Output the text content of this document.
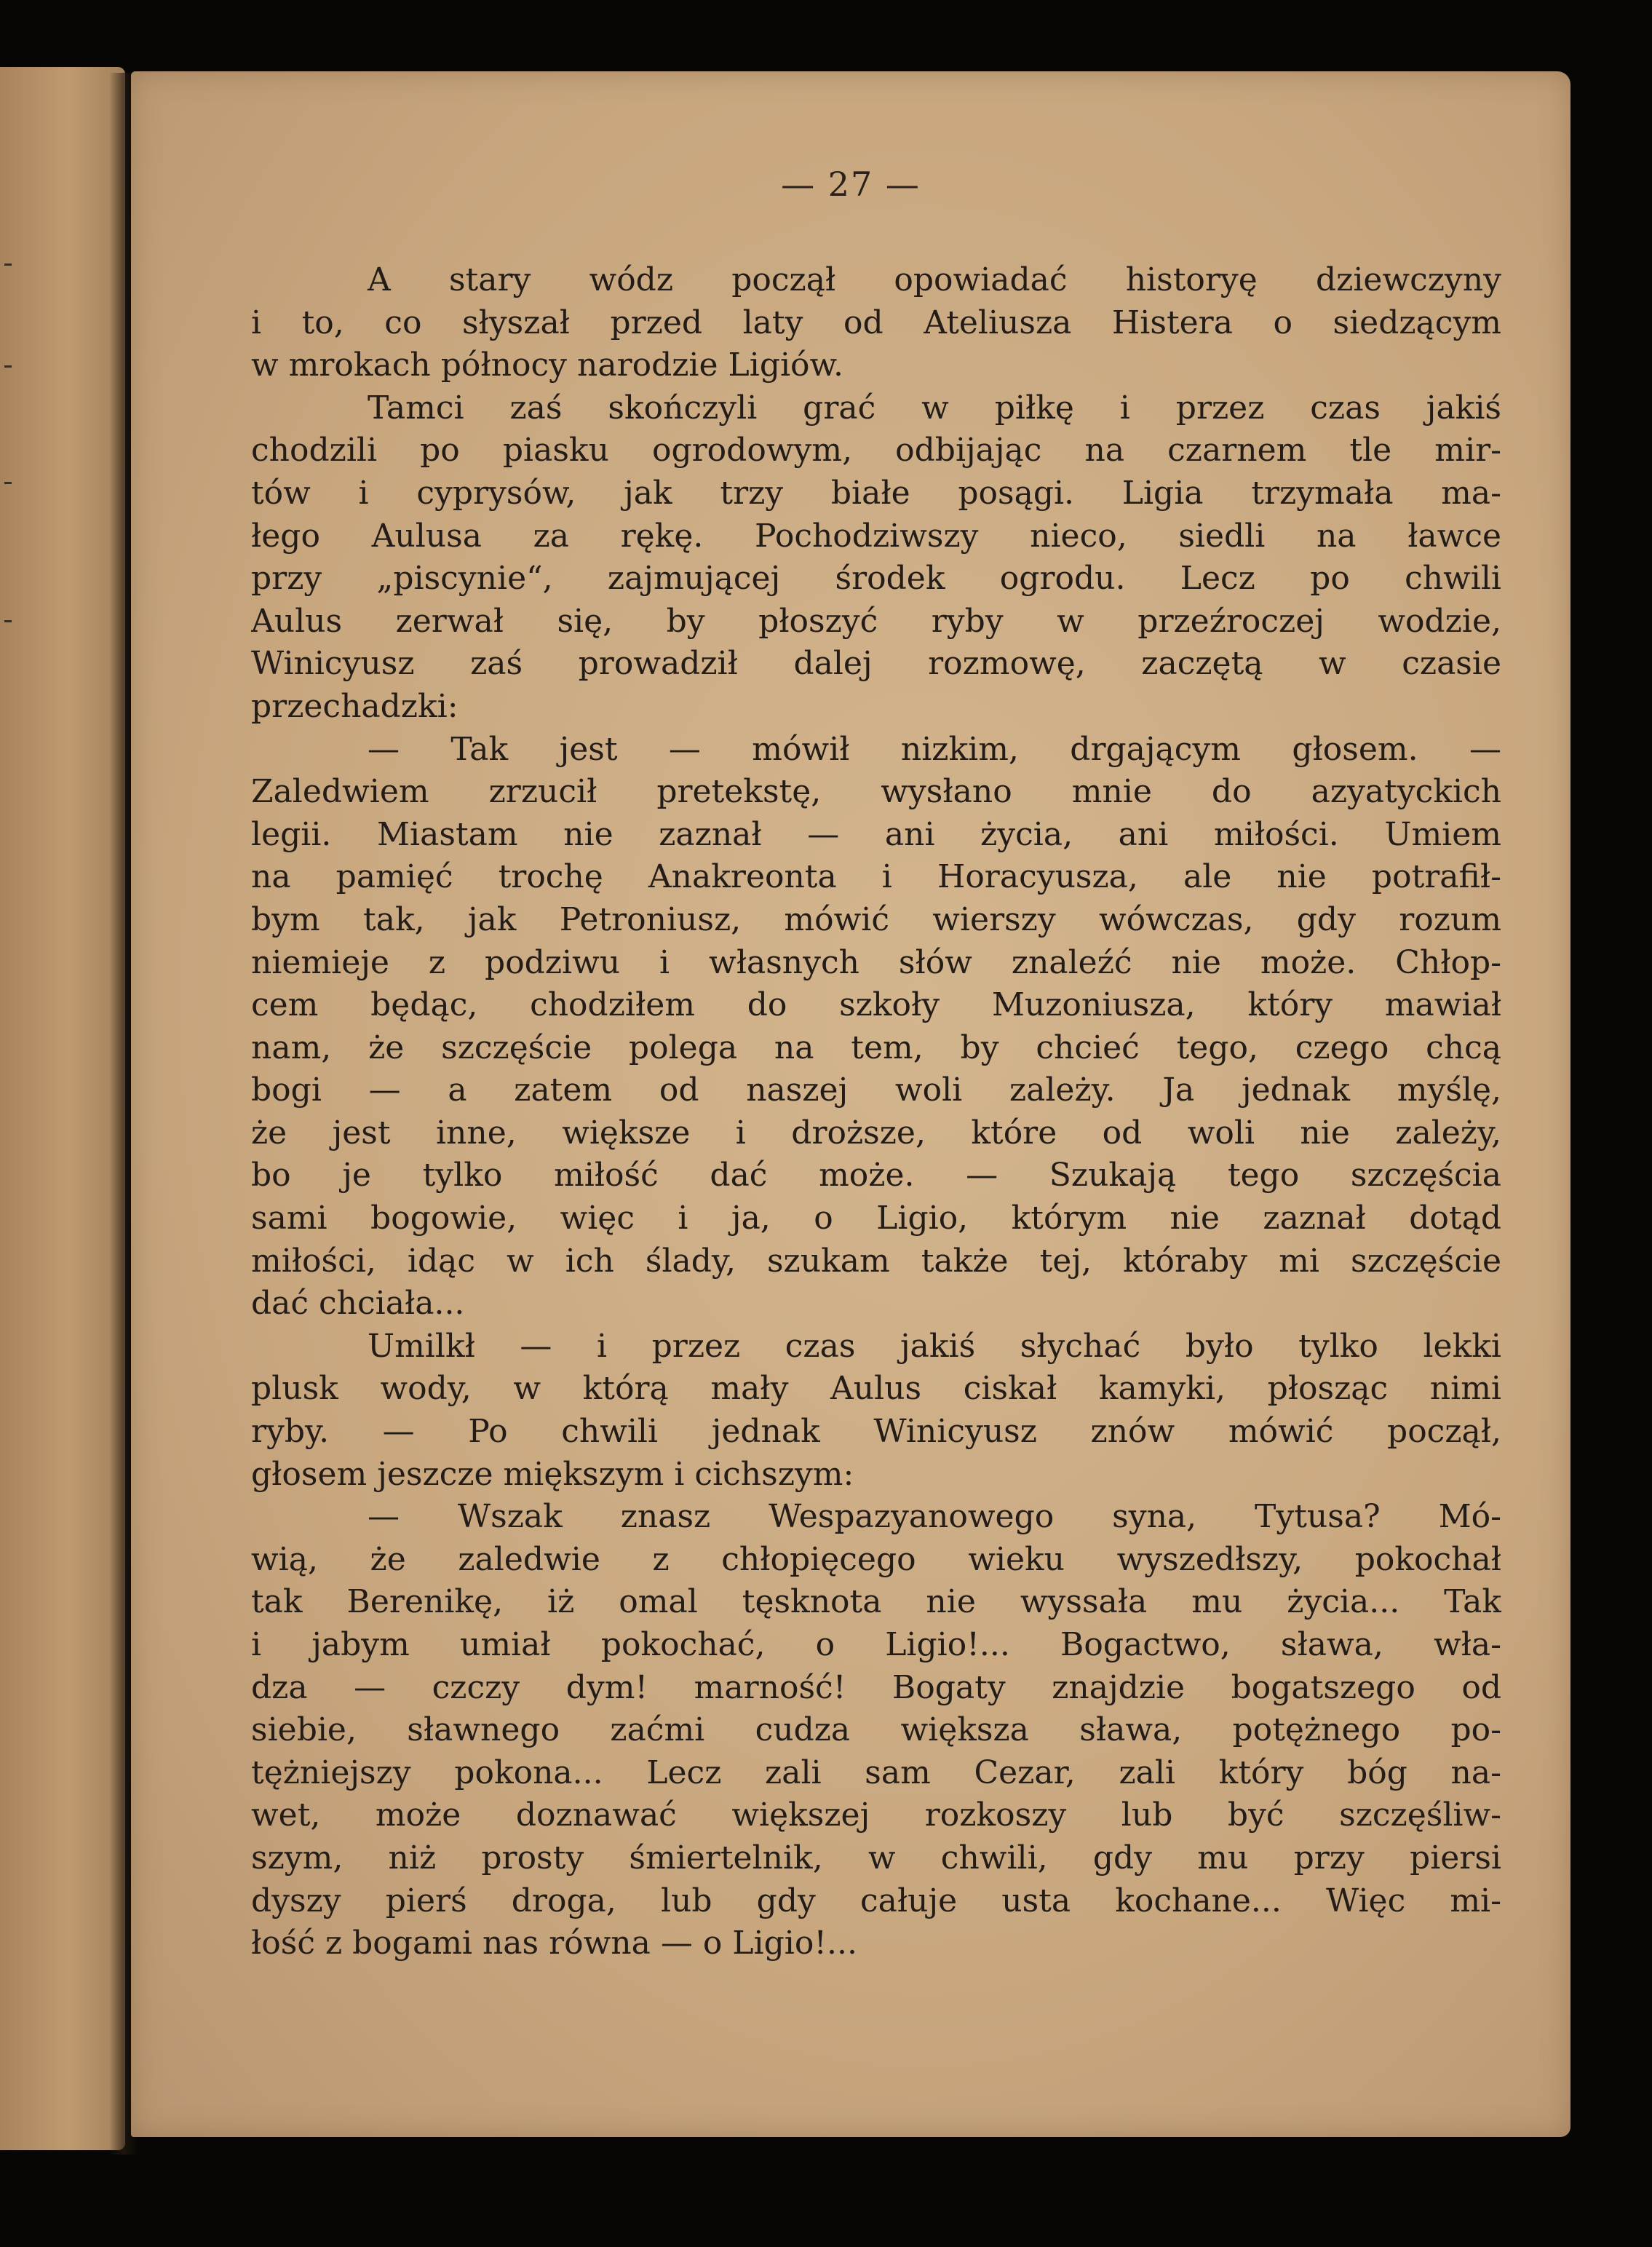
— 27 —
A stary wódz począł opowiadać historyę dziewczyny
i to, co słyszał przed laty od Ateliusza Histera o siedzącym
w mrokach północy narodzie Ligiów.
Tamci zaś skończyli grać w piłkę i przez czas jakiś
chodzili po piasku ogrodowym, odbijając na czarnem tle mir-
tów i cyprysów, jak trzy białe posągi. Ligia trzymała ma-
łego Aulusa za rękę. Pochodziwszy nieco, siedli na ławce
przy „piscynie“, zajmującej środek ogrodu. Lecz po chwili
Aulus zerwał się, by płoszyć ryby w przeźroczej wodzie,
Winicyusz zaś prowadził dalej rozmowę, zaczętą w czasie
przechadzki:
— Tak jest — mówił nizkim, drgającym głosem. —
Zaledwiem zrzucił pretekstę, wysłano mnie do azyatyckich
legii. Miastam nie zaznał — ani życia, ani miłości. Umiem
na pamięć trochę Anakreonta i Horacyusza, ale nie potrafił-
bym tak, jak Petroniusz, mówić wierszy wówczas, gdy rozum
niemieje z podziwu i własnych słów znaleźć nie może. Chłop-
cem będąc, chodziłem do szkoły Muzoniusza, który mawiał
nam, że szczęście polega na tem, by chcieć tego, czego chcą
bogi — a zatem od naszej woli zależy. Ja jednak myślę,
że jest inne, większe i droższe, które od woli nie zależy,
bo je tylko miłość dać może. — Szukają tego szczęścia
sami bogowie, więc i ja, o Ligio, którym nie zaznał dotąd
miłości, idąc w ich ślady, szukam także tej, któraby mi szczęście
dać chciała...
Umilkł — i przez czas jakiś słychać było tylko lekki
plusk wody, w którą mały Aulus ciskał kamyki, płosząc nimi
ryby. — Po chwili jednak Winicyusz znów mówić począł,
głosem jeszcze miększym i cichszym:
— Wszak znasz Wespazyanowego syna, Tytusa? Mó-
wią, że zaledwie z chłopięcego wieku wyszedłszy, pokochał
tak Berenikę, iż omal tęsknota nie wyssała mu życia... Tak
i jabym umiał pokochać, o Ligio!... Bogactwo, sława, wła-
dza — czczy dym! marność! Bogaty znajdzie bogatszego od
siebie, sławnego zaćmi cudza większa sława, potężnego po-
tężniejszy pokona... Lecz zali sam Cezar, zali który bóg na-
wet, może doznawać większej rozkoszy lub być szczęśliw-
szym, niż prosty śmiertelnik, w chwili, gdy mu przy piersi
dyszy pierś droga, lub gdy całuje usta kochane... Więc mi-
łość z bogami nas równa — o Ligio!...
